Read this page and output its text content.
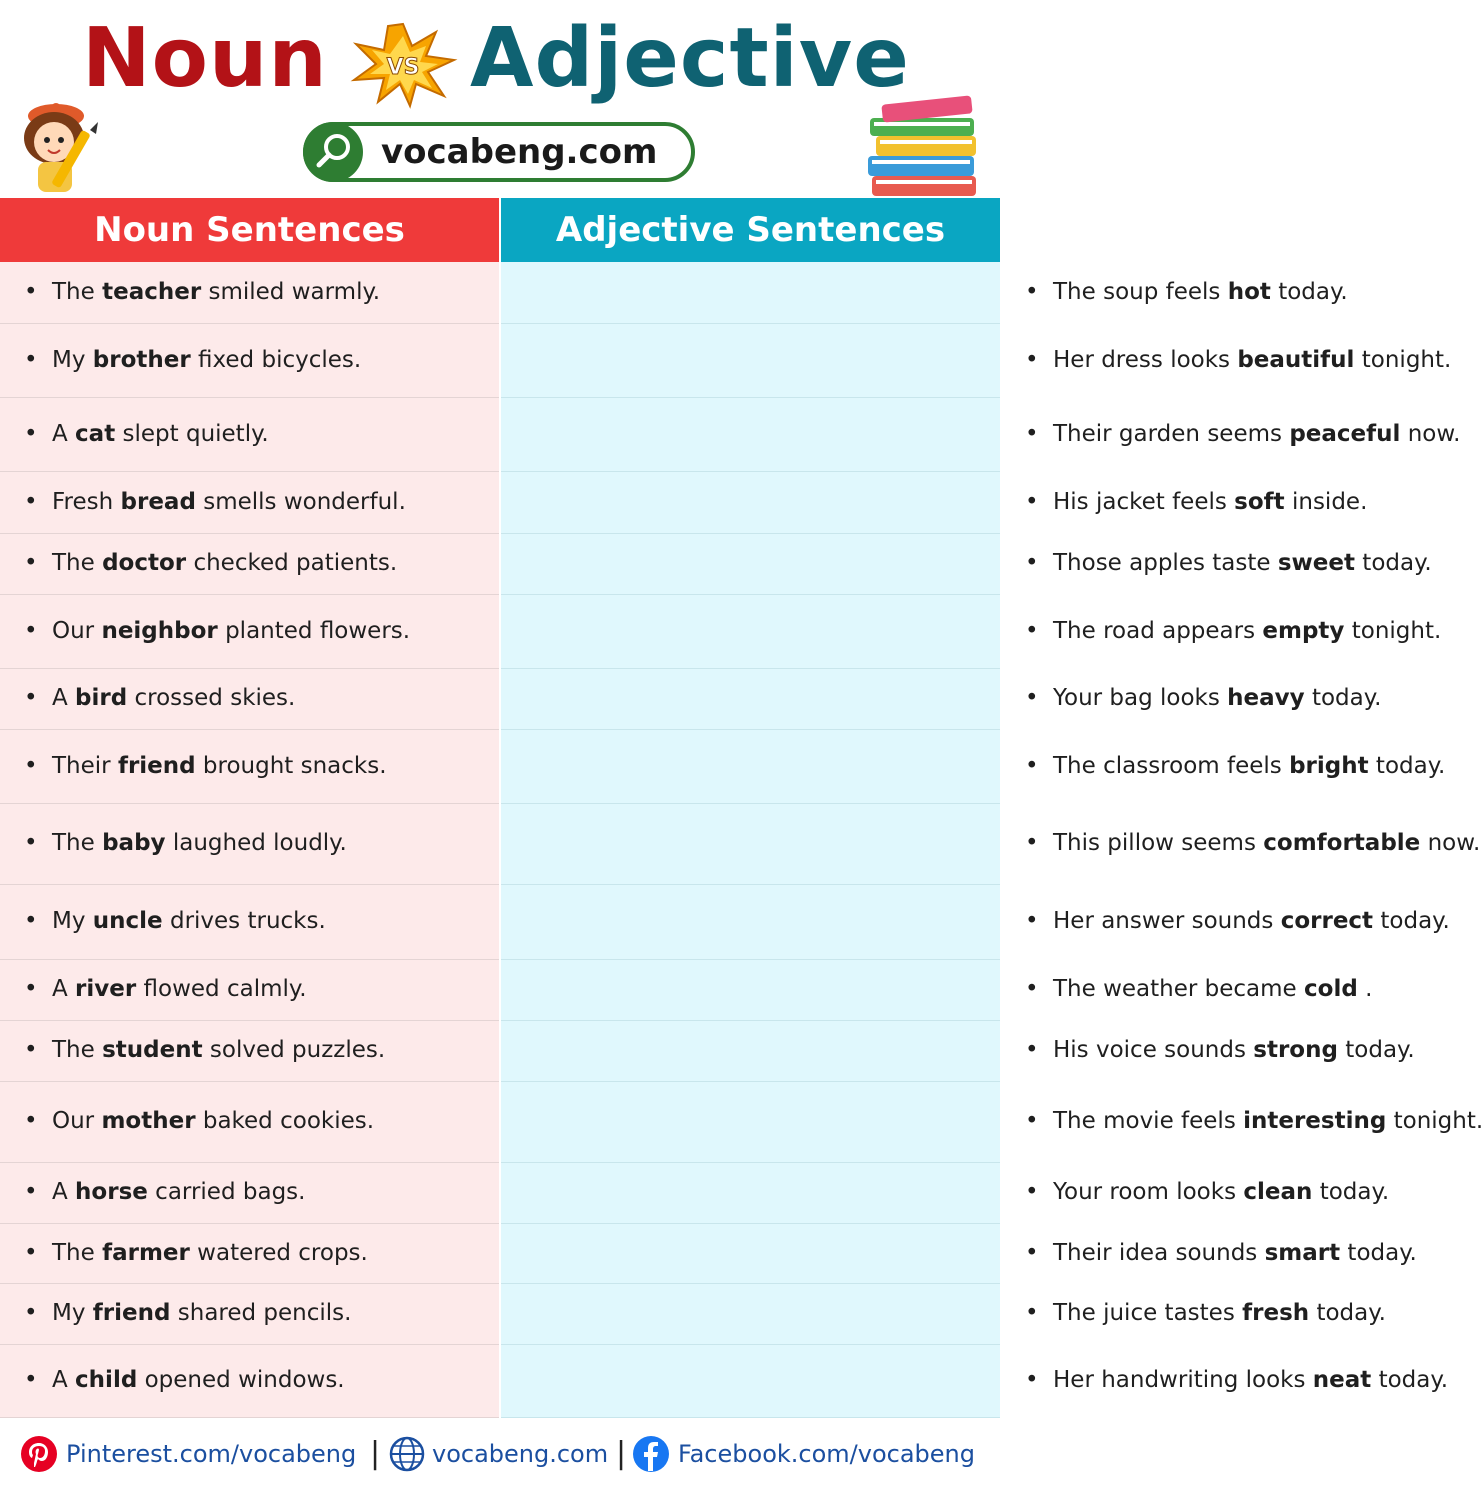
Noun	VS Adjective
vocabeng.com
Noun Sentences	Adjective Sentences
• The teacher smiled warmly.	• The soup feels hot today.
• My brother fixed bicycles.	• Her dress looks beautiful tonight.
• A cat slept quietly.	• Their garden seems peaceful now.
• Fresh bread smells wonderful.	• His jacket feels soft inside.
• The doctor checked patients.	• Those apples taste sweet today.
• Our neighbor planted flowers.	• The road appears empty tonight.
• A bird crossed skies.	• Your bag looks heavy today.
• Their friend brought snacks.	• The classroom feels bright today.
• The baby laughed loudly.	• This pillow seems comfortable now.
• My uncle drives trucks.	• Her answer sounds correct today.
• A river flowed calmly.	• The weather became cold .
• The student solved puzzles.	• His voice sounds strong today.
• Our mother baked cookies.	• The movie feels interesting tonight.
• A horse carried bags.	• Your room looks clean today.
• The farmer watered crops.	• Their idea sounds smart today.
• My friend shared pencils.	• The juice tastes fresh today.
• A child opened windows.	• Her handwriting looks neat today.
Pinterest.com/vocabeng | vocabeng.com | Facebook.com/vocabeng
